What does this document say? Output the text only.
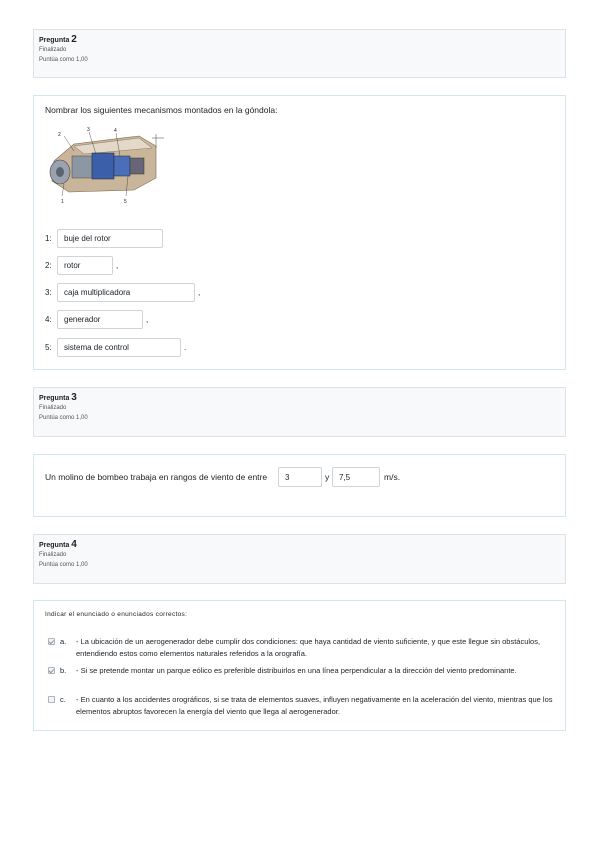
Pregunta 2
Finalizado
Puntúa como 1,00
Nombrar los siguientes mecanismos montados en la góndola:
2
3	4
1	5
1:	buje del rotor
2:	rotor	,
3:	caja multiplicadora	,
4:	generador	,
5:	sistema de control	.
Pregunta 3
Finalizado
Puntúa como 1,00
Un molino de bombeo trabaja en rangos de viento de entre	3	y	7,5	m/s.
Pregunta 4
Finalizado
Puntúa como 1,00
Indicar el enunciado o enunciados correctos:
a.	- La ubicación de un aerogenerador debe cumplir dos condiciones: que haya cantidad de viento suficiente, y que este llegue sin obstáculos, entendiendo estos como elementos naturales referidos a la orografía.
b.	- Si se pretende montar un parque eólico es preferible distribuirlos en una línea perpendicular a la dirección del viento predominante.
c.	- En cuanto a los accidentes orográficos, si se trata de elementos suaves, influyen negativamente en la aceleración del viento, mientras que los elementos abruptos favorecen la energía del viento que llega al aerogenerador.
